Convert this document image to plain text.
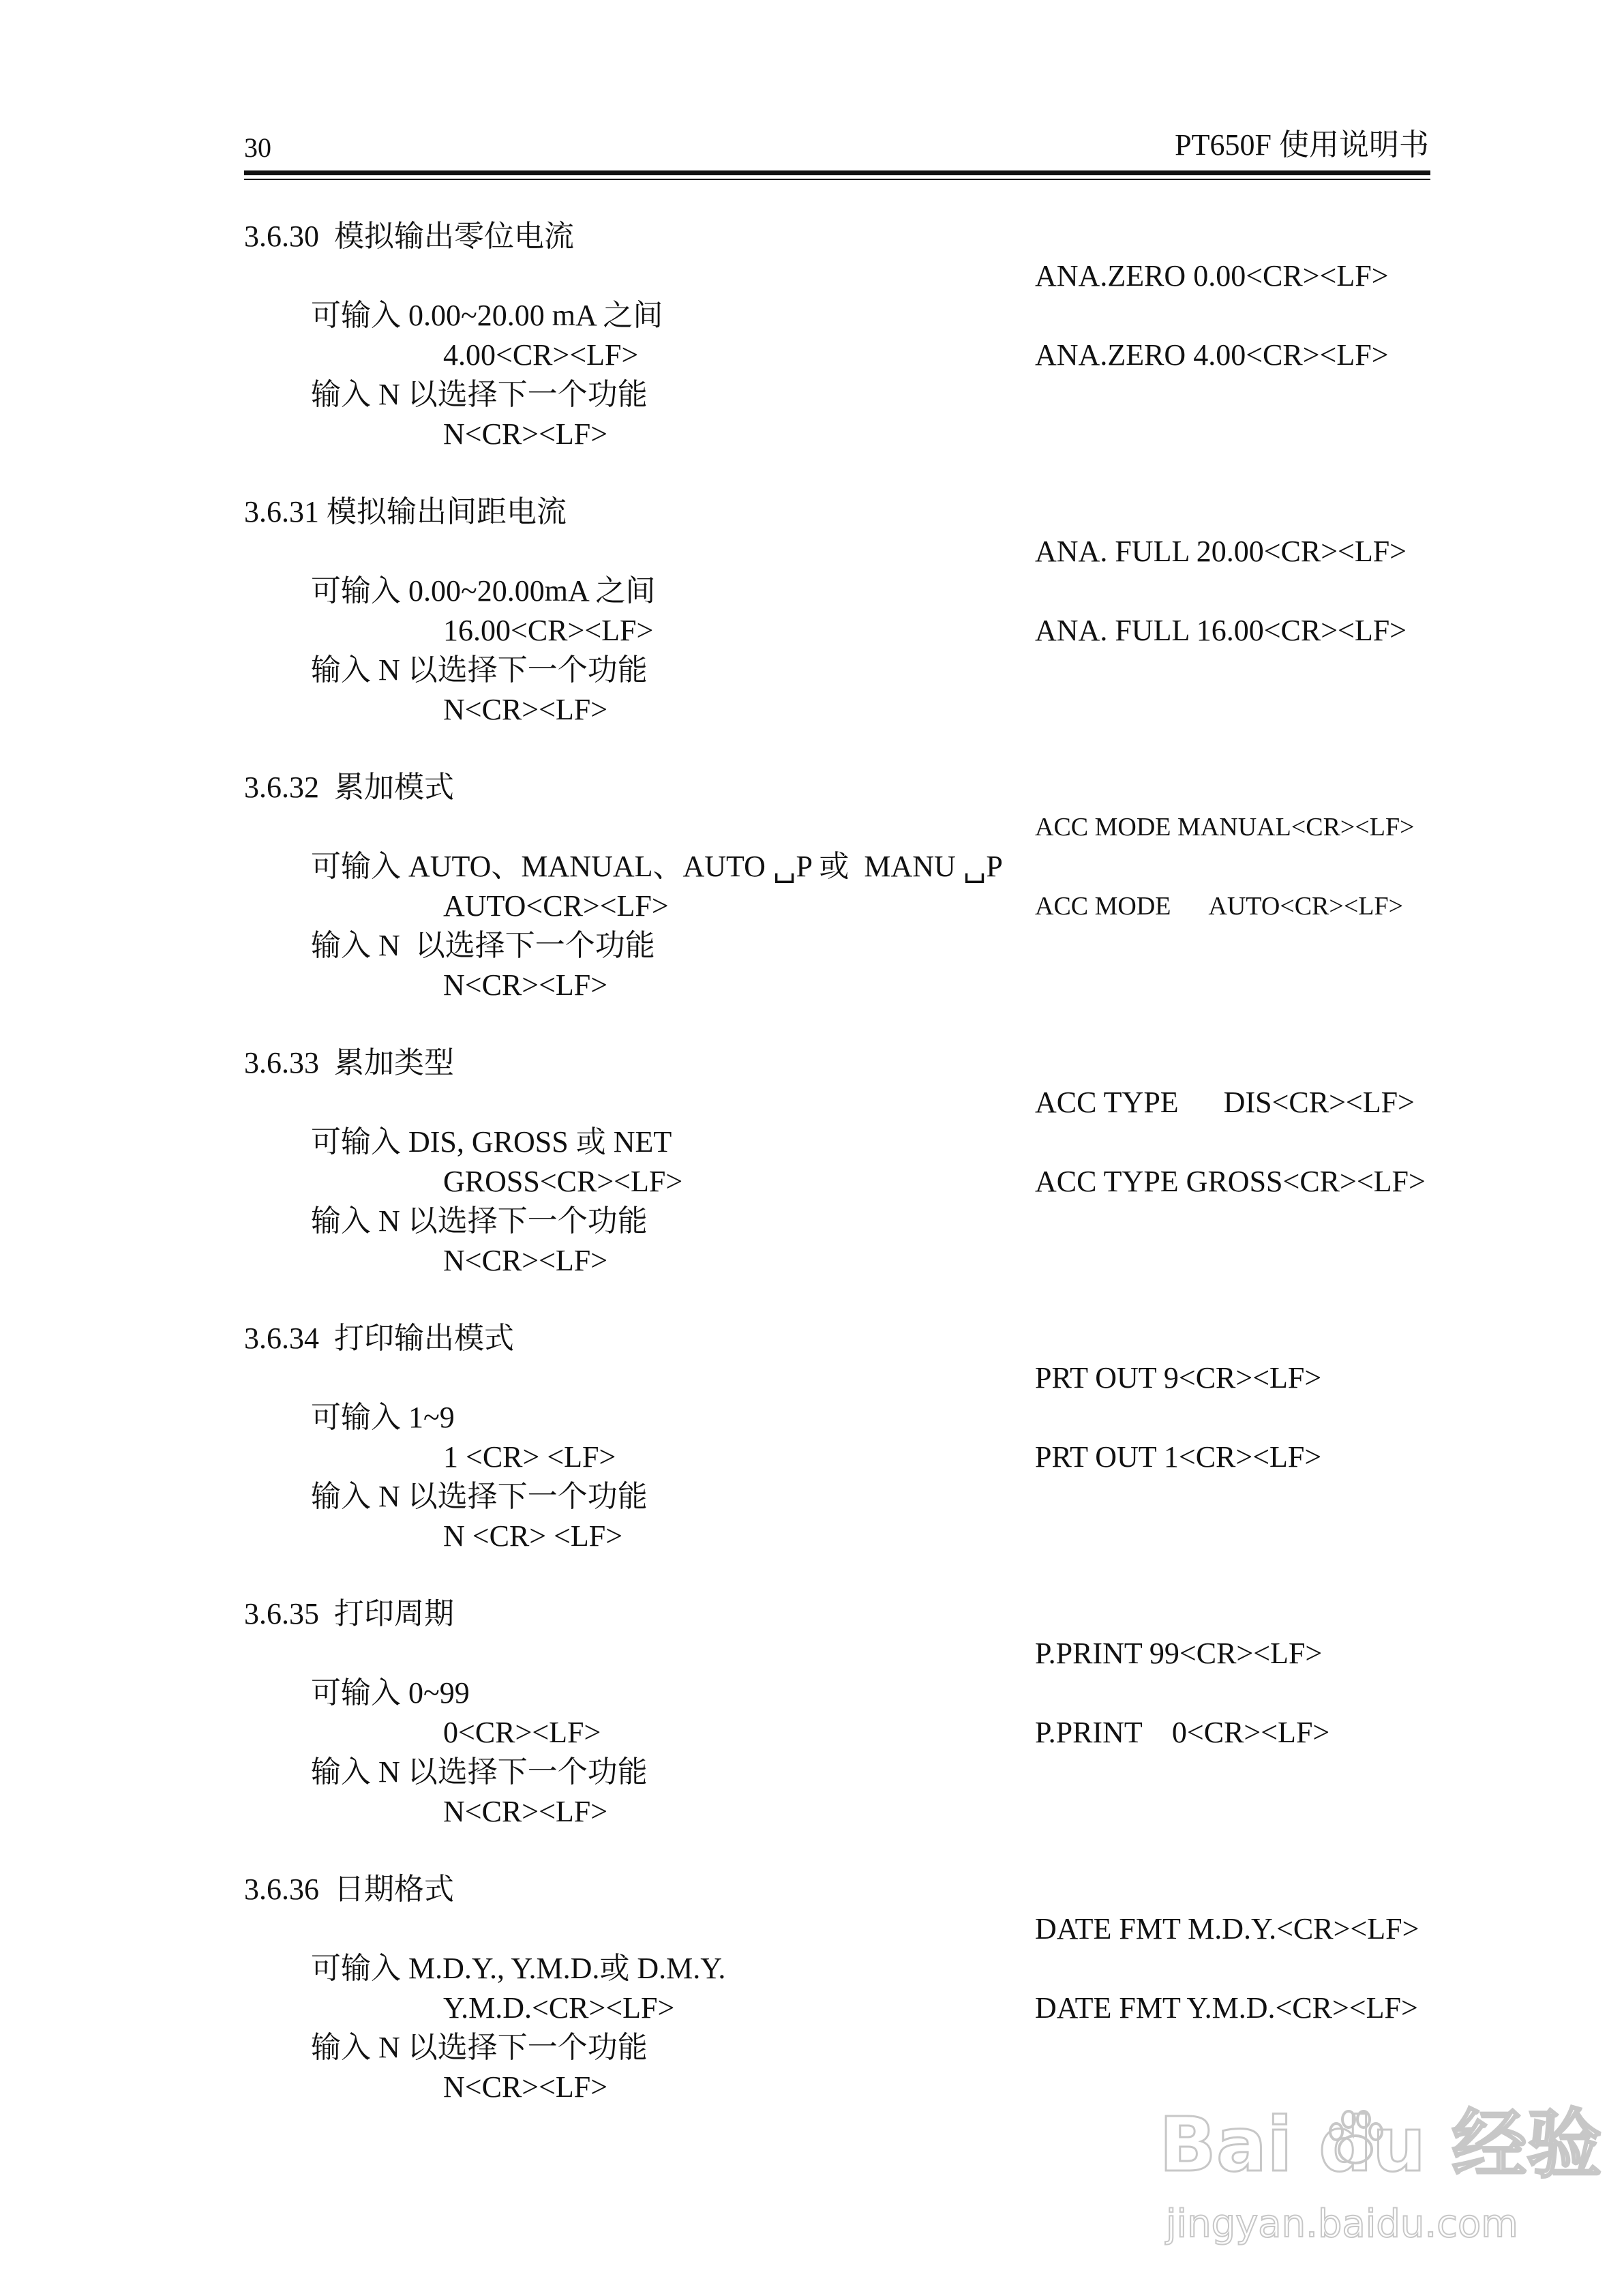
30	PT650F 使用说明书
3.6.30  模拟输出零位电流
ANA.ZERO 0.00<CR><LF>
可输入 0.00~20.00 mA 之间
4.00<CR><LF>	ANA.ZERO 4.00<CR><LF>
输入 N 以选择下一个功能
N<CR><LF>
3.6.31 模拟输出间距电流
ANA. FULL 20.00<CR><LF>
可输入 0.00~20.00mA 之间
16.00<CR><LF>	ANA. FULL 16.00<CR><LF>
输入 N 以选择下一个功能
N<CR><LF>
3.6.32  累加模式
ACC MODE MANUAL<CR><LF>
可输入 AUTO、MANUAL、AUTO ␣P 或  MANU ␣P
AUTO<CR><LF>	ACC MODE      AUTO<CR><LF>
输入 N  以选择下一个功能
N<CR><LF>
3.6.33  累加类型
ACC TYPE      DIS<CR><LF>
可输入 DIS, GROSS 或 NET
GROSS<CR><LF>	ACC TYPE GROSS<CR><LF>
输入 N 以选择下一个功能
N<CR><LF>
3.6.34  打印输出模式
PRT OUT 9<CR><LF>
可输入 1~9
1 <CR> <LF>	PRT OUT 1<CR><LF>
输入 N 以选择下一个功能
N <CR> <LF>
3.6.35  打印周期
P.PRINT 99<CR><LF>
可输入 0~99
0<CR><LF>	P.PRINT    0<CR><LF>
输入 N 以选择下一个功能
N<CR><LF>
3.6.36  日期格式
DATE FMT M.D.Y.<CR><LF>
可输入 M.D.Y., Y.M.D.或 D.M.Y.
Y.M.D.<CR><LF>	DATE FMT Y.M.D.<CR><LF>
输入 N 以选择下一个功能
N<CR><LF>
Bai du 经验
jingyan.baidu.com
